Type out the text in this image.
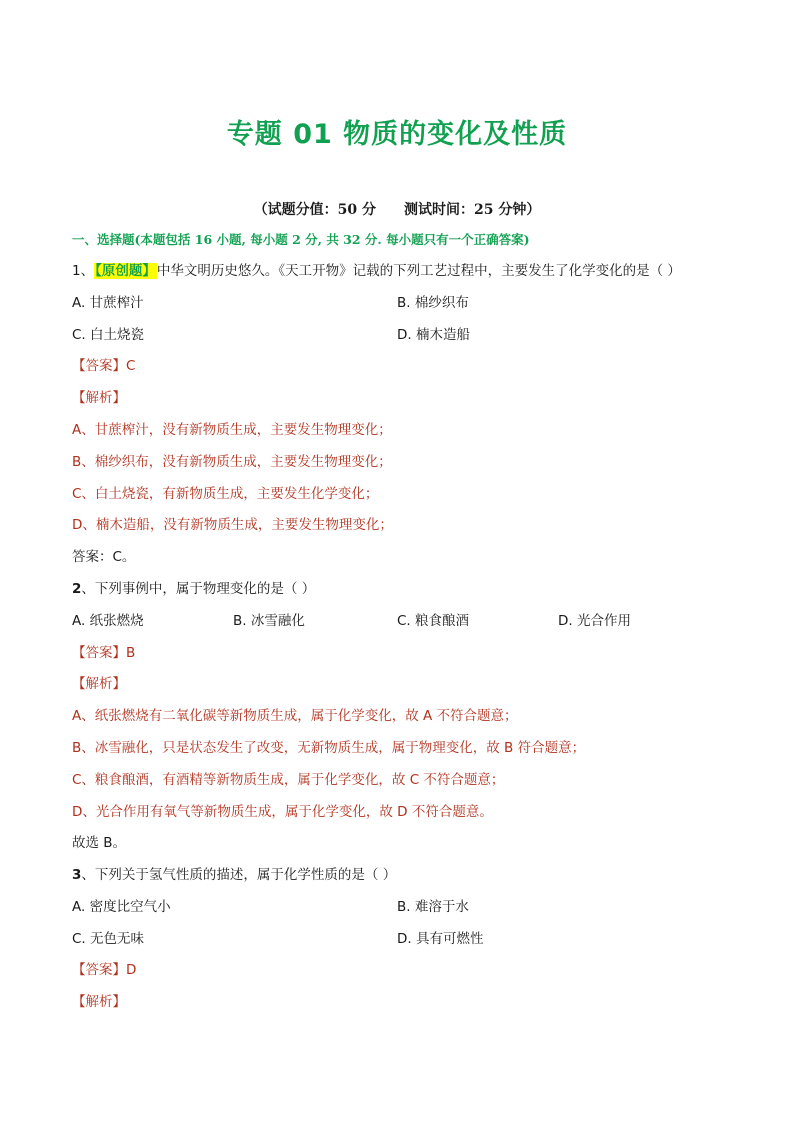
专题 01 物质的变化及性质
（试题分值：50 分 测试时间：25 分钟）
一、选择题(本题包括 16 小题, 每小题 2 分, 共 32 分. 每小题只有一个正确答案)
1、【原创题】中华文明历史悠久。《天工开物》记载的下列工艺过程中，主要发生了化学变化的是（ ）
A. 甘蔗榨汁	B. 棉纱织布
C. 白土烧瓷	D. 楠木造船
【答案】C
【解析】
A、甘蔗榨汁，没有新物质生成，主要发生物理变化；
B、棉纱织布，没有新物质生成，主要发生物理变化；
C、白土烧瓷，有新物质生成，主要发生化学变化；
D、楠木造船，没有新物质生成，主要发生物理变化；
答案：C。
2、下列事例中，属于物理变化的是（ ）
A. 纸张燃烧	B. 冰雪融化	C. 粮食酿酒	D. 光合作用
【答案】B
【解析】
A、纸张燃烧有二氧化碳等新物质生成，属于化学变化，故 A 不符合题意；
B、冰雪融化，只是状态发生了改变，无新物质生成，属于物理变化，故 B 符合题意；
C、粮食酿酒，有酒精等新物质生成，属于化学变化，故 C 不符合题意；
D、光合作用有氧气等新物质生成，属于化学变化，故 D 不符合题意。
故选 B。
3、下列关于氢气性质的描述，属于化学性质的是（ ）
A. 密度比空气小	B. 难溶于水
C. 无色无味	D. 具有可燃性
【答案】D
【解析】
